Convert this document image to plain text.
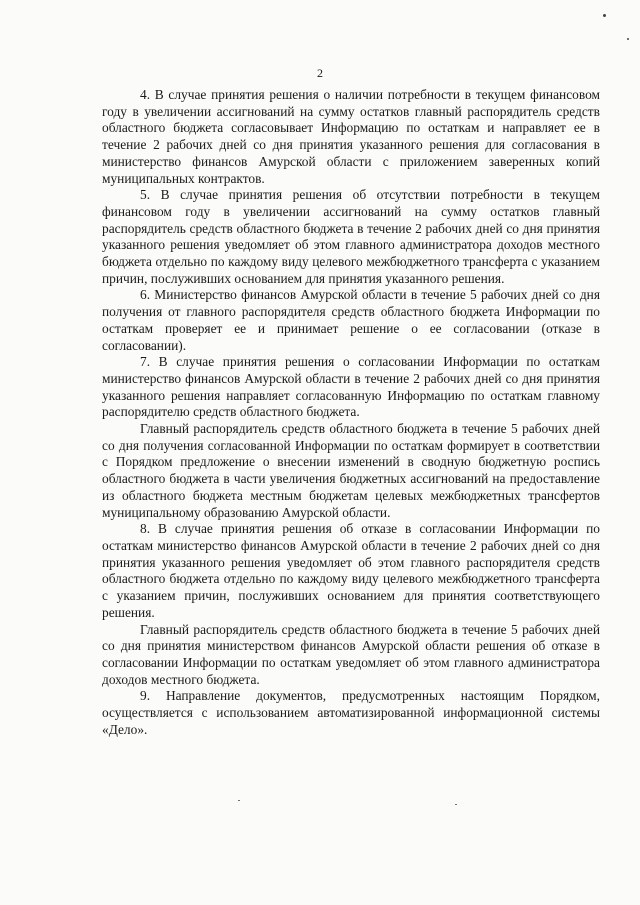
2

4. В случае принятия решения о наличии потребности в текущем финансовом году в увеличении ассигнований на сумму остатков главный распорядитель средств областного бюджета согласовывает Информацию по остаткам и направляет ее в течение 2 рабочих дней со дня принятия указанного решения для согласования в министерство финансов Амурской области с приложением заверенных копий муниципальных контрактов.

5. В случае принятия решения об отсутствии потребности в текущем финансовом году в увеличении ассигнований на сумму остатков главный распорядитель средств областного бюджета в течение 2 рабочих дней со дня принятия указанного решения уведомляет об этом главного администратора доходов местного бюджета отдельно по каждому виду целевого межбюджетного трансферта с указанием причин, послуживших основанием для принятия указанного решения.

6. Министерство финансов Амурской области в течение 5 рабочих дней со дня получения от главного распорядителя средств областного бюджета Информации по остаткам проверяет ее и принимает решение о ее согласовании (отказе в согласовании).

7. В случае принятия решения о согласовании Информации по остаткам министерство финансов Амурской области в течение 2 рабочих дней со дня принятия указанного решения направляет согласованную Информацию по остаткам главному распорядителю средств областного бюджета.

Главный распорядитель средств областного бюджета в течение 5 рабочих дней со дня получения согласованной Информации по остаткам формирует в соответствии с Порядком предложение о внесении изменений в сводную бюджетную роспись областного бюджета в части увеличения бюджетных ассигнований на предоставление из областного бюджета местным бюджетам целевых межбюджетных трансфертов муниципальному образованию Амурской области.

8. В случае принятия решения об отказе в согласовании Информации по остаткам министерство финансов Амурской области в течение 2 рабочих дней со дня принятия указанного решения уведомляет об этом главного распорядителя средств областного бюджета отдельно по каждому виду целевого межбюджетного трансферта с указанием причин, послуживших основанием для принятия соответствующего решения.

Главный распорядитель средств областного бюджета в течение 5 рабочих дней со дня принятия министерством финансов Амурской области решения об отказе в согласовании Информации по остаткам уведомляет об этом главного администратора доходов местного бюджета.

9. Направление документов, предусмотренных настоящим Порядком, осуществляется с использованием автоматизированной информационной системы «Дело».
